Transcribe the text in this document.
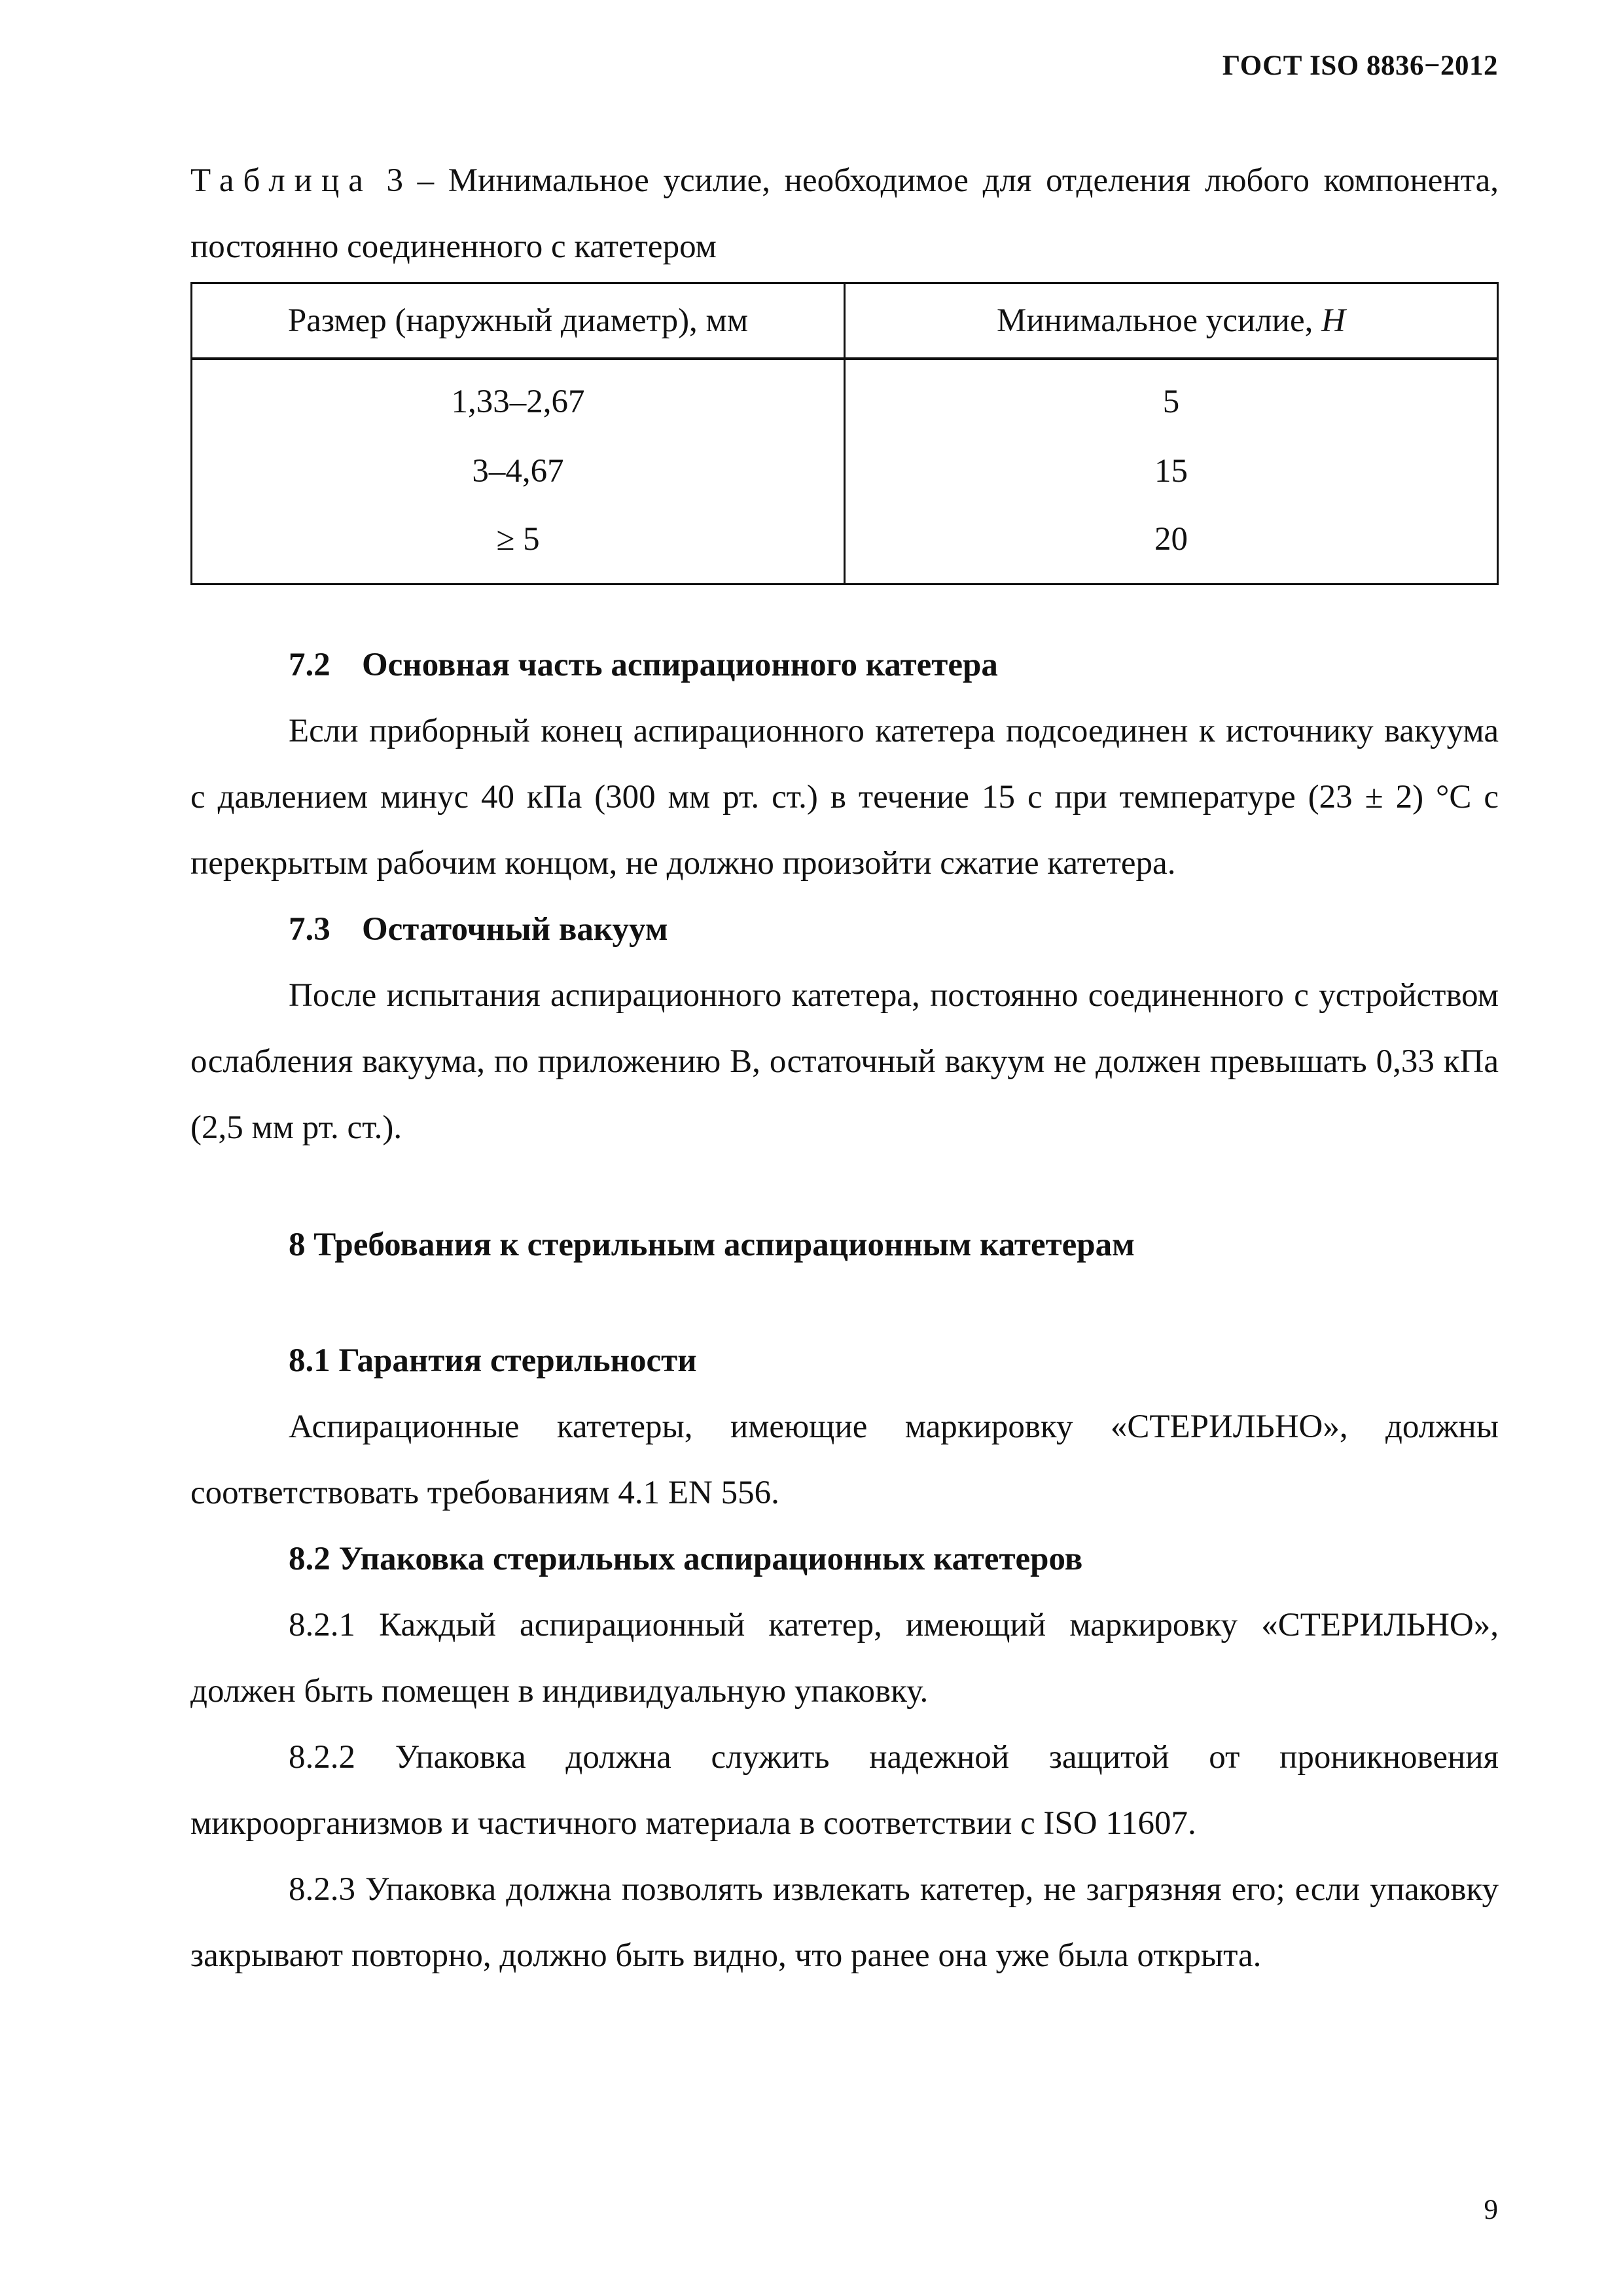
ГОСТ ISO 8836−2012

Таблица 3 – Минимальное усилие, необходимое для отделения любого компонента, постоянно соединенного с катетером

Размер (наружный диаметр), мм	Минимальное усилие, Н
1,33–2,67	5
3–4,67	15
≥ 5	20
7.2 Основная часть аспирационного катетера

Если приборный конец аспирационного катетера подсоединен к источнику вакуума с давлением минус 40 кПа (300 мм рт. ст.) в течение 15 с при температуре (23 ± 2) °С с перекрытым рабочим концом, не должно произойти сжатие катетера.

7.3 Остаточный вакуум

После испытания аспирационного катетера, постоянно соединенного с устройством ослабления вакуума, по приложению В, остаточный вакуум не должен превышать 0,33 кПа (2,5 мм рт. ст.).

8 Требования к стерильным аспирационным катетерам
8.1 Гарантия стерильности

Аспирационные катетеры, имеющие маркировку «СТЕРИЛЬНО», должны соответствовать требованиям 4.1 EN 556.

8.2 Упаковка стерильных аспирационных катетеров

8.2.1 Каждый аспирационный катетер, имеющий маркировку «СТЕРИЛЬНО», должен быть помещен в индивидуальную упаковку.

8.2.2 Упаковка должна служить надежной защитой от проникновения микроорганизмов и частичного материала в соответствии с ISO 11607.

8.2.3 Упаковка должна позволять извлекать катетер, не загрязняя его; если упаковку закрывают повторно, должно быть видно, что ранее она уже была открыта.

9
